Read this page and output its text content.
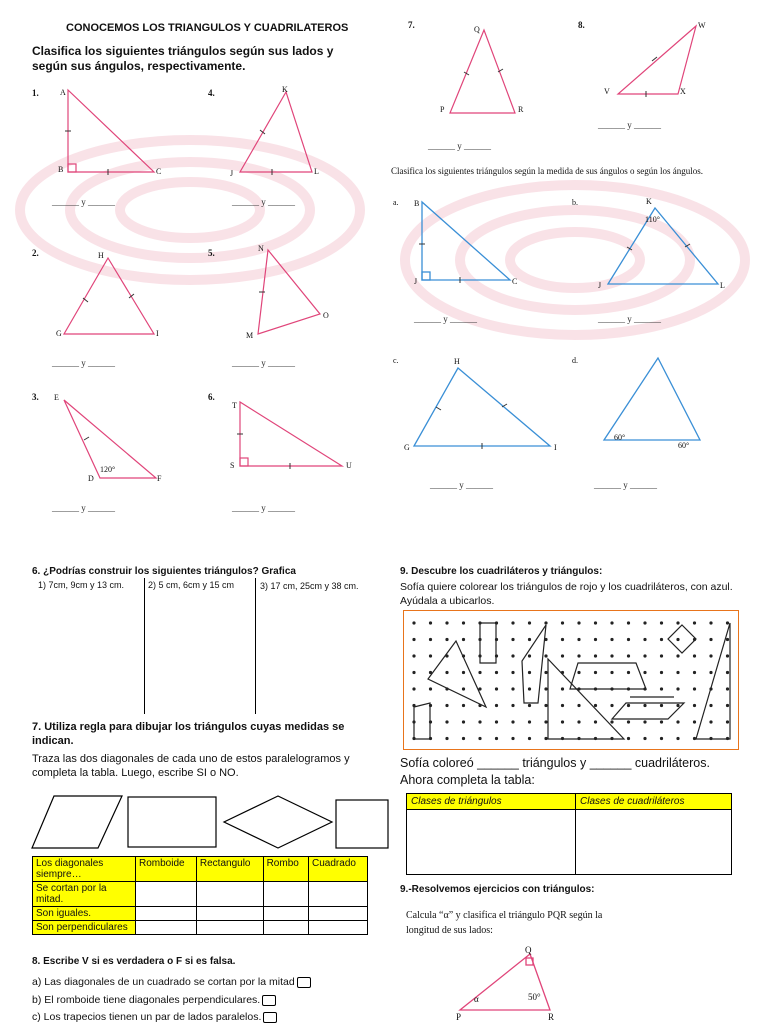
CONOCEMOS LOS TRIANGULOS Y CUADRILATEROS
Clasifica los siguientes triángulos según sus lados y según sus ángulos, respectivamente.
A
B	C
K
J	L
H
G	I
N
M
O
E
D	F
120°
T
S	U
1.	4.
2.	5.
3.	6.
______ y ______	______ y ______
______ y ______	______ y ______
______ y ______	______ y ______
Q
P	R
W
V	X
7.	8.
______ y ______
______ y ______
Clasifica los siguientes triángulos según la medida de sus ángulos o según los ángulos.
B
J	C
K
110°
J	L
H
G	I
60°
60°
a.	b.
c.	d.
______ y ______	______ y ______
______ y ______	______ y ______
6. ¿Podrías construir los siguientes triángulos? Grafica
1) 7cm, 9cm y 13 cm.	2) 5 cm, 6cm y 15 cm	3) 17 cm, 25cm y 38 cm.
7. Utiliza regla para dibujar los triángulos cuyas medidas se indican.
Traza las dos diagonales de cada uno de estos paralelogramos y completa la tabla. Luego, escribe SI o NO.
Los diagonales siempre…	Romboide	Rectangulo	Rombo	Cuadrado
Se cortan por la mitad.				
Son iguales.				
Son perpendiculares				
8. Escribe V si es verdadera o F si es falsa.
a) Las diagonales de un cuadrado se cortan por la mitad
b) El romboide tiene diagonales perpendiculares.
c) Los trapecios tienen un par de lados paralelos.
9. Descubre los cuadriláteros y triángulos:
Sofía quiere colorear los triángulos de rojo y los cuadriláteros, con azul. Ayúdala a ubicarlos.
Sofía coloreó ______ triángulos y ______ cuadriláteros.
Ahora completa la tabla:
Clases de triángulos	Clases de cuadriláteros

9.-Resolvemos ejercicios con triángulos:
Calcula “α” y clasifica el triángulo PQR según la longitud de sus lados:
Q
P	R
α	50°
